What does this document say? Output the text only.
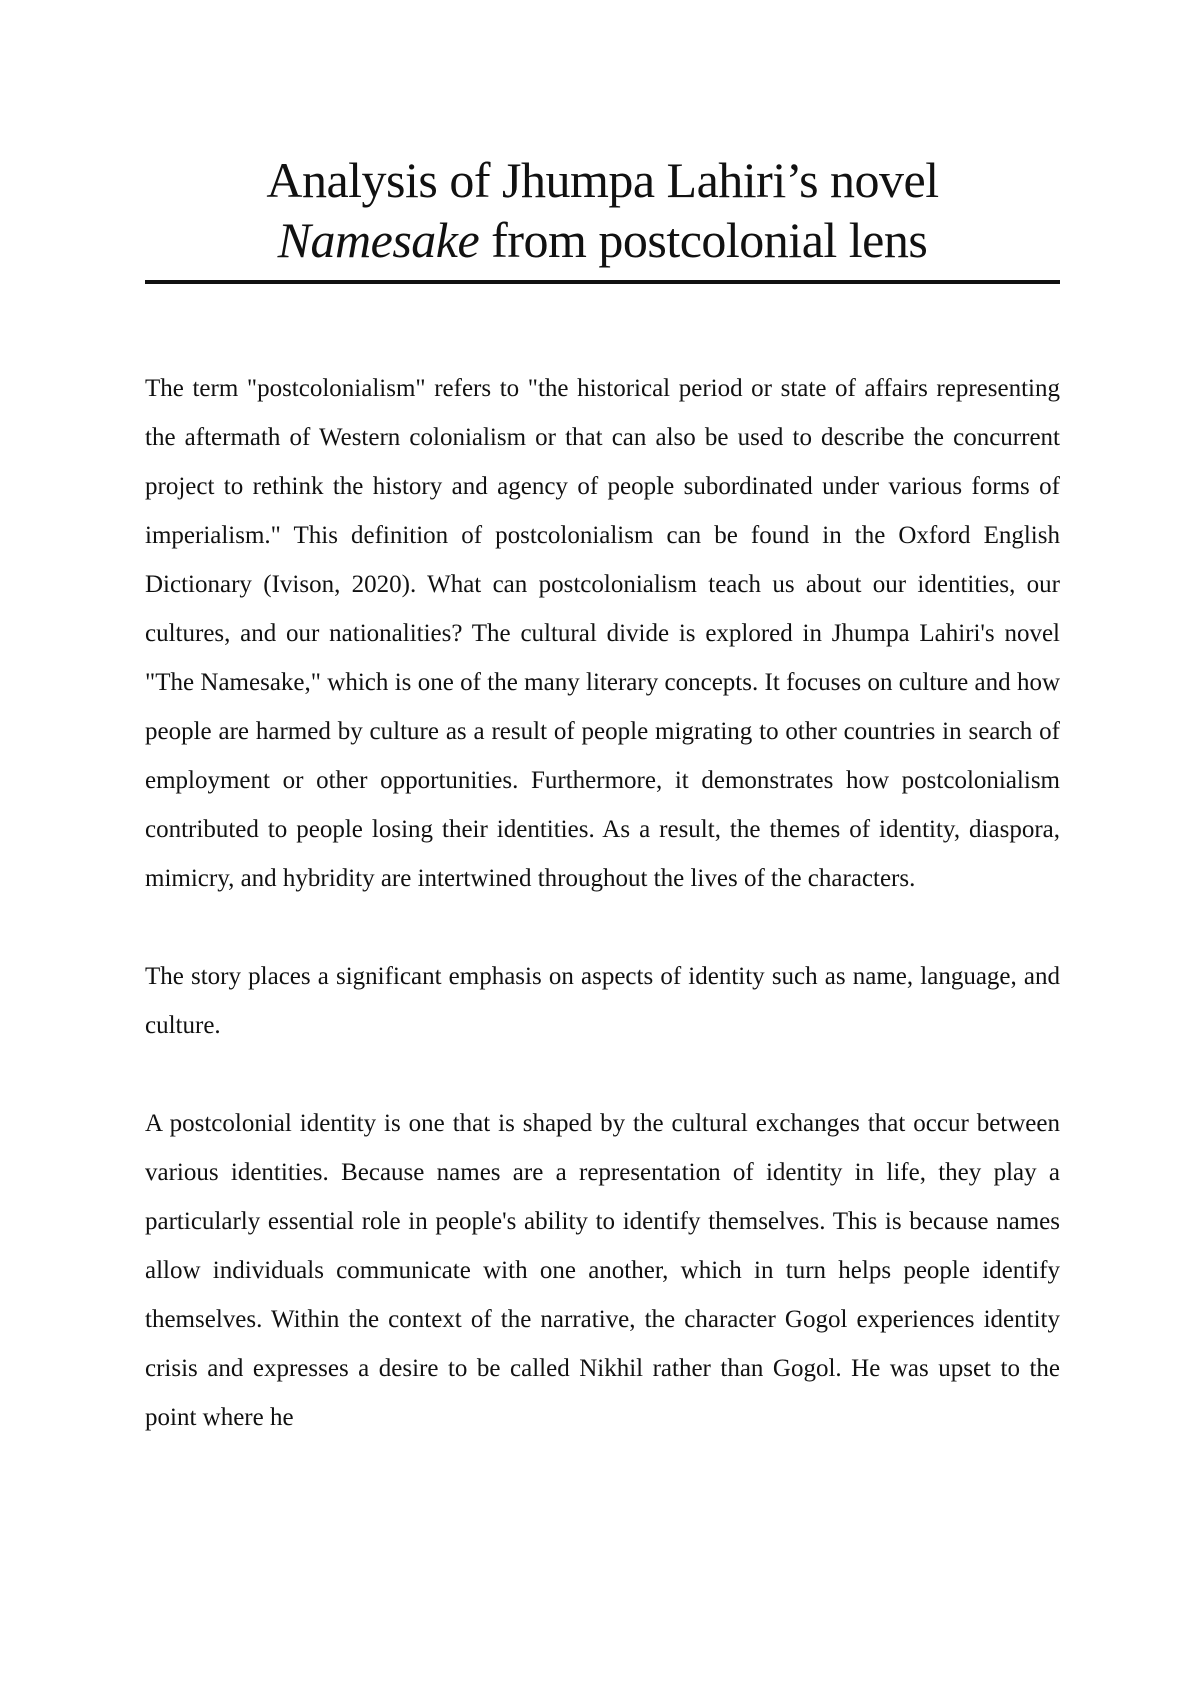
Analysis of Jhumpa Lahiri’s novel
Namesake from postcolonial lens

The term "postcolonialism" refers to "the historical period or state of affairs representing the aftermath of Western colonialism or that can also be used to describe the concurrent project to rethink the history and agency of people subordinated under various forms of imperialism." This definition of postcolonialism can be found in the Oxford English Dictionary (Ivison, 2020). What can postcolonialism teach us about our identities, our cultures, and our nationalities? The cultural divide is explored in Jhumpa Lahiri's novel "The Namesake," which is one of the many literary concepts. It focuses on culture and how people are harmed by culture as a result of people migrating to other countries in search of employment or other opportunities. Furthermore, it demonstrates how postcolonialism contributed to people losing their identities. As a result, the themes of identity, diaspora, mimicry, and hybridity are intertwined throughout the lives of the characters.

The story places a significant emphasis on aspects of identity such as name, language, and culture.

A postcolonial identity is one that is shaped by the cultural exchanges that occur between various identities. Because names are a representation of identity in life, they play a particularly essential role in people's ability to identify themselves. This is because names allow individuals communicate with one another, which in turn helps people identify themselves. Within the context of the narrative, the character Gogol experiences identity crisis and expresses a desire to be called Nikhil rather than Gogol. He was upset to the point where he
